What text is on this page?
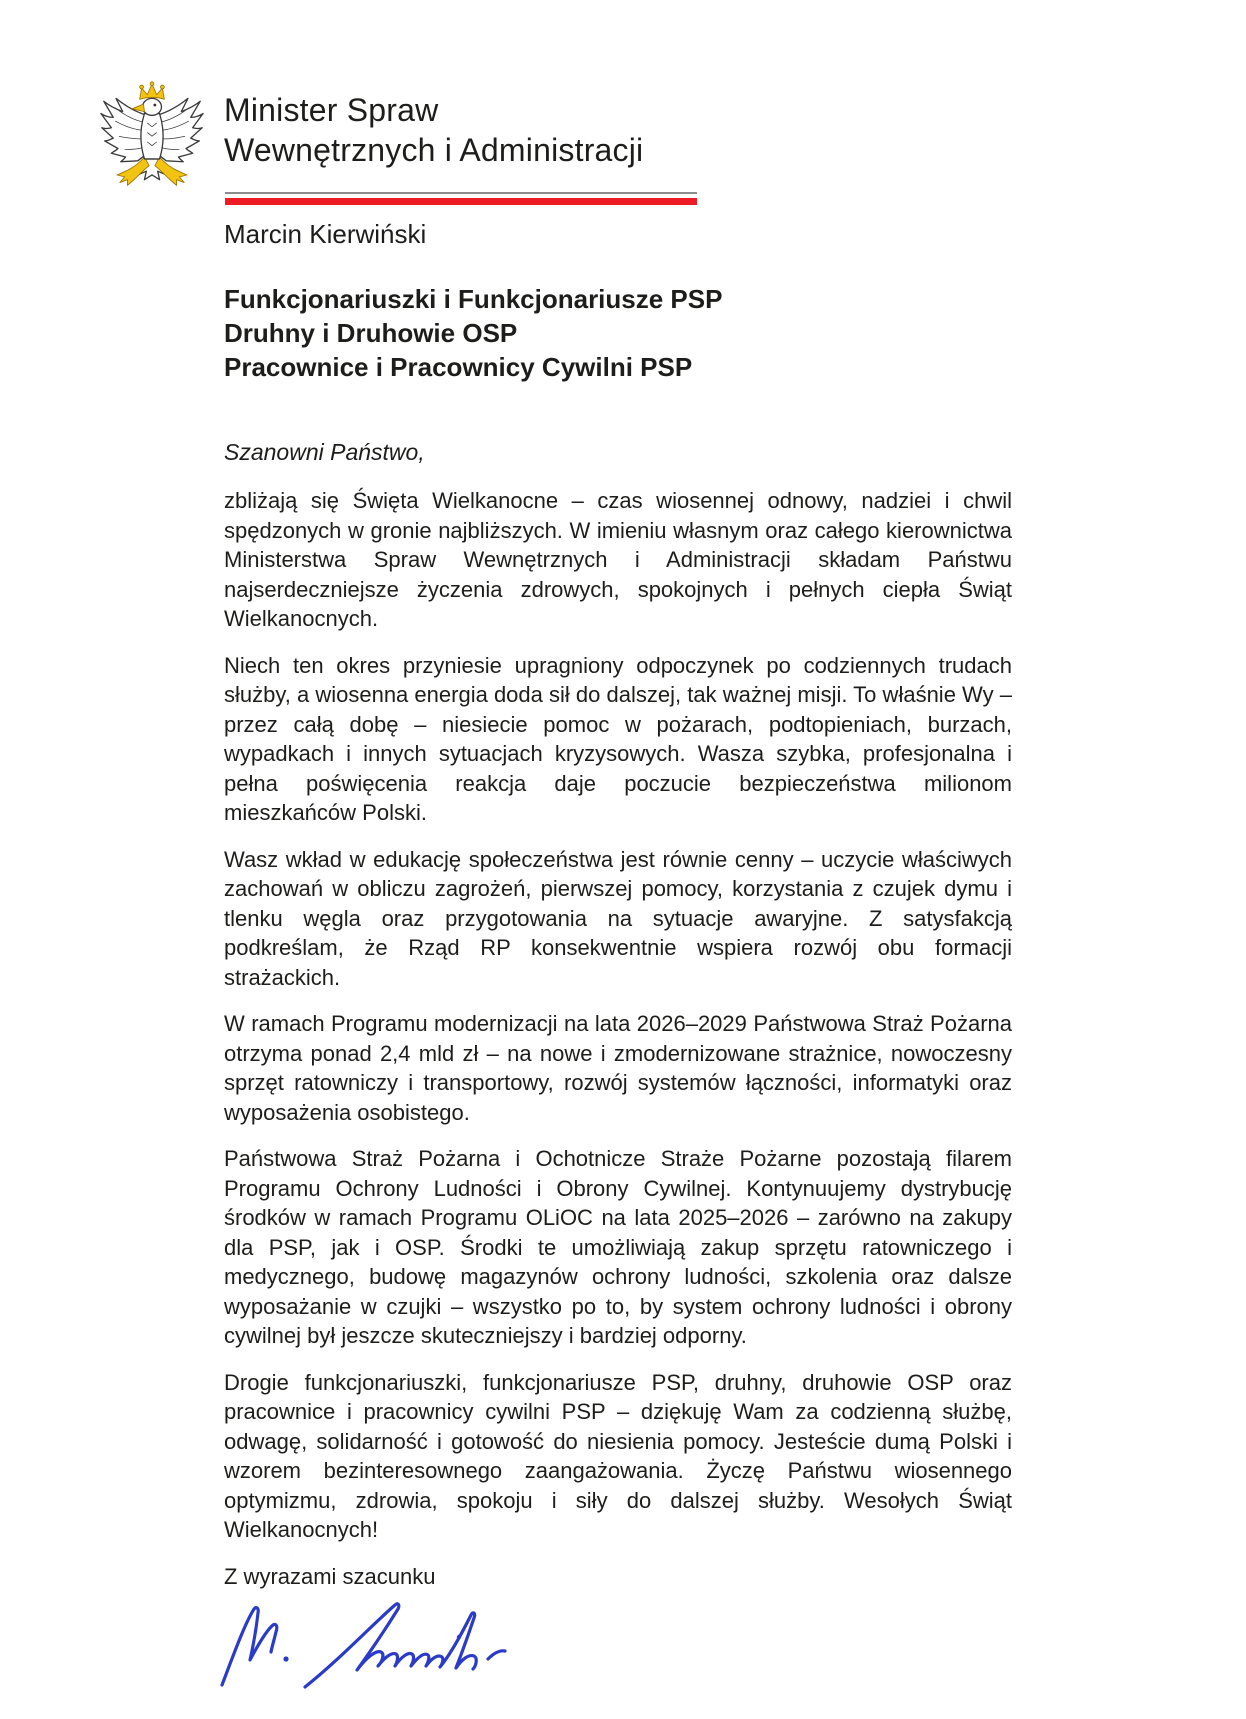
Minister Spraw
Wewnętrznych i Administracji
Marcin Kierwiński
Funkcjonariuszki i Funkcjonariusze PSP
Druhny i Druhowie OSP
Pracownice i Pracownicy Cywilni PSP
Szanowni Państwo,

zbliżają się Święta Wielkanocne – czas wiosennej odnowy, nadziei i chwil spędzonych w gronie najbliższych. W imieniu własnym oraz całego kierownictwa Ministerstwa Spraw Wewnętrznych i Administracji składam Państwu najserdeczniejsze życzenia zdrowych, spokojnych i pełnych ciepła Świąt Wielkanocnych.

Niech ten okres przyniesie upragniony odpoczynek po codziennych trudach służby, a wiosenna energia doda sił do dalszej, tak ważnej misji. To właśnie Wy – przez całą dobę – niesiecie pomoc w pożarach, podtopieniach, burzach, wypadkach i innych sytuacjach kryzysowych. Wasza szybka, profesjonalna i pełna poświęcenia reakcja daje poczucie bezpieczeństwa milionom mieszkańców Polski.

Wasz wkład w edukację społeczeństwa jest równie cenny – uczycie właściwych zachowań w obliczu zagrożeń, pierwszej pomocy, korzystania z czujek dymu i tlenku węgla oraz przygotowania na sytuacje awaryjne. Z satysfakcją podkreślam, że Rząd RP konsekwentnie wspiera rozwój obu formacji strażackich.

W ramach Programu modernizacji na lata 2026–2029 Państwowa Straż Pożarna otrzyma ponad 2,4 mld zł – na nowe i zmodernizowane strażnice, nowoczesny sprzęt ratowniczy i transportowy, rozwój systemów łączności, informatyki oraz wyposażenia osobistego.

Państwowa Straż Pożarna i Ochotnicze Straże Pożarne pozostają filarem Programu Ochrony Ludności i Obrony Cywilnej. Kontynuujemy dystrybucję środków w ramach Programu OLiOC na lata 2025–2026 – zarówno na zakupy dla PSP, jak i OSP. Środki te umożliwiają zakup sprzętu ratowniczego i medycznego, budowę magazynów ochrony ludności, szkolenia oraz dalsze wyposażanie w czujki – wszystko po to, by system ochrony ludności i obrony cywilnej był jeszcze skuteczniejszy i bardziej odporny.

Drogie funkcjonariuszki, funkcjonariusze PSP, druhny, druhowie OSP oraz pracownice i pracownicy cywilni PSP – dziękuję Wam za codzienną służbę, odwagę, solidarność i gotowość do niesienia pomocy. Jesteście dumą Polski i wzorem bezinteresownego zaangażowania. Życzę Państwu wiosennego optymizmu, zdrowia, spokoju i siły do dalszej służby. Wesołych Świąt Wielkanocnych!

Z wyrazami szacunku
